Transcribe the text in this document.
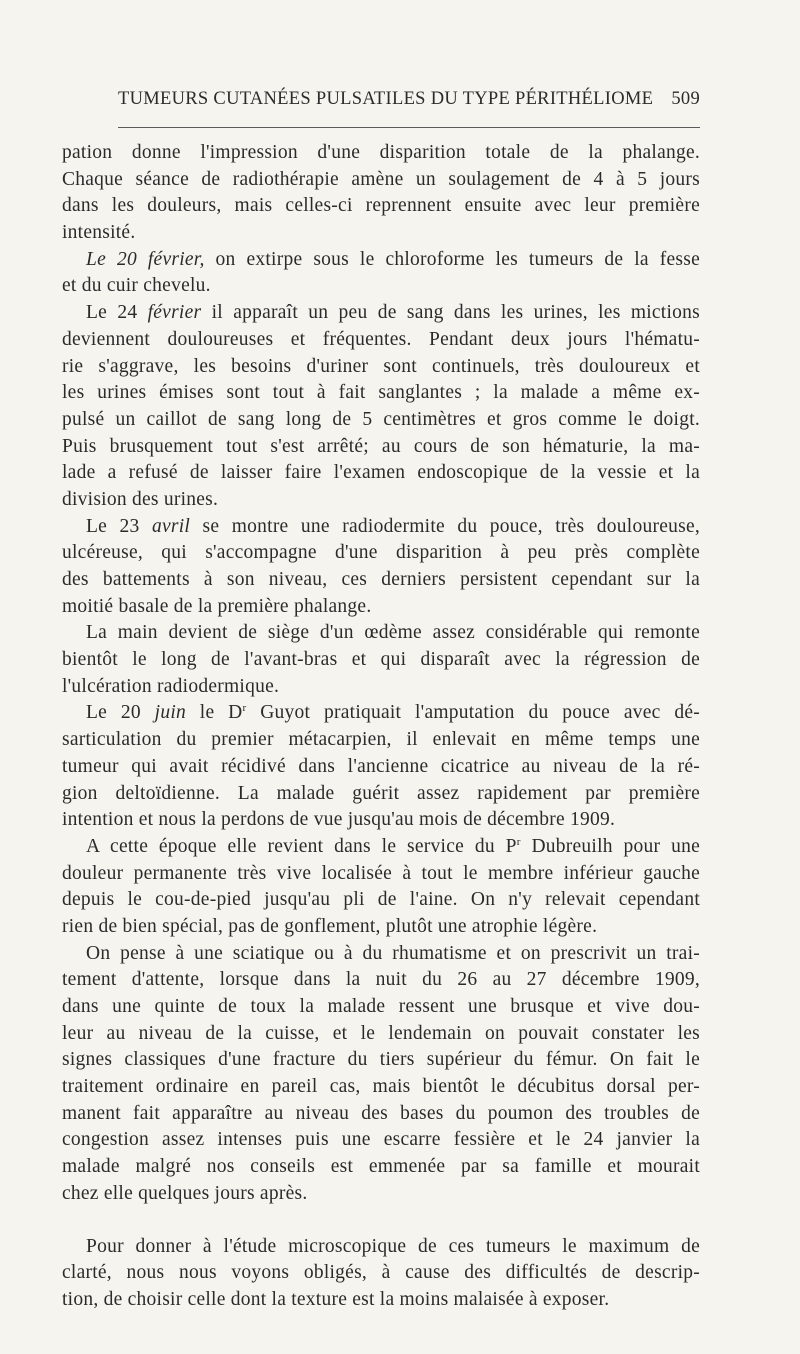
TUMEURS CUTANÉES PULSATILES DU TYPE PÉRITHÉLIOME 509
pation donne l'impression d'une disparition totale de la phalange.
Chaque séance de radiothérapie amène un soulagement de 4 à 5 jours
dans les douleurs, mais celles-ci reprennent ensuite avec leur première
intensité.
Le 20 février, on extirpe sous le chloroforme les tumeurs de la fesse
et du cuir chevelu.
Le 24 février il apparaît un peu de sang dans les urines, les mictions
deviennent douloureuses et fréquentes. Pendant deux jours l'hématu-
rie s'aggrave, les besoins d'uriner sont continuels, très douloureux et
les urines émises sont tout à fait sanglantes ; la malade a même ex-
pulsé un caillot de sang long de 5 centimètres et gros comme le doigt.
Puis brusquement tout s'est arrêté; au cours de son hématurie, la ma-
lade a refusé de laisser faire l'examen endoscopique de la vessie et la
division des urines.
Le 23 avril se montre une radiodermite du pouce, très douloureuse,
ulcéreuse, qui s'accompagne d'une disparition à peu près complète
des battements à son niveau, ces derniers persistent cependant sur la
moitié basale de la première phalange.
La main devient de siège d'un œdème assez considérable qui remonte
bientôt le long de l'avant-bras et qui disparaît avec la régression de
l'ulcération radiodermique.
Le 20 juin le $D^r$ Guyot pratiquait l'amputation du pouce avec dé-
sarticulation du premier métacarpien, il enlevait en même temps une
tumeur qui avait récidivé dans l'ancienne cicatrice au niveau de la ré-
gion deltoïdienne. La malade guérit assez rapidement par première
intention et nous la perdons de vue jusqu'au mois de décembre 1909.
A cette époque elle revient dans le service du $P^r$ Dubreuilh pour une
douleur permanente très vive localisée à tout le membre inférieur gauche
depuis le cou-de-pied jusqu'au pli de l'aine. On n'y relevait cependant
rien de bien spécial, pas de gonflement, plutôt une atrophie légère.
On pense à une sciatique ou à du rhumatisme et on prescrivit un trai-
tement d'attente, lorsque dans la nuit du 26 au 27 décembre 1909,
dans une quinte de toux la malade ressent une brusque et vive dou-
leur au niveau de la cuisse, et le lendemain on pouvait constater les
signes classiques d'une fracture du tiers supérieur du fémur. On fait le
traitement ordinaire en pareil cas, mais bientôt le décubitus dorsal per-
manent fait apparaître au niveau des bases du poumon des troubles de
congestion assez intenses puis une escarre fessière et le 24 janvier la
malade malgré nos conseils est emmenée par sa famille et mourait
chez elle quelques jours après.
Pour donner à l'étude microscopique de ces tumeurs le maximum de
clarté, nous nous voyons obligés, à cause des difficultés de descrip-
tion, de choisir celle dont la texture est la moins malaisée à exposer.
